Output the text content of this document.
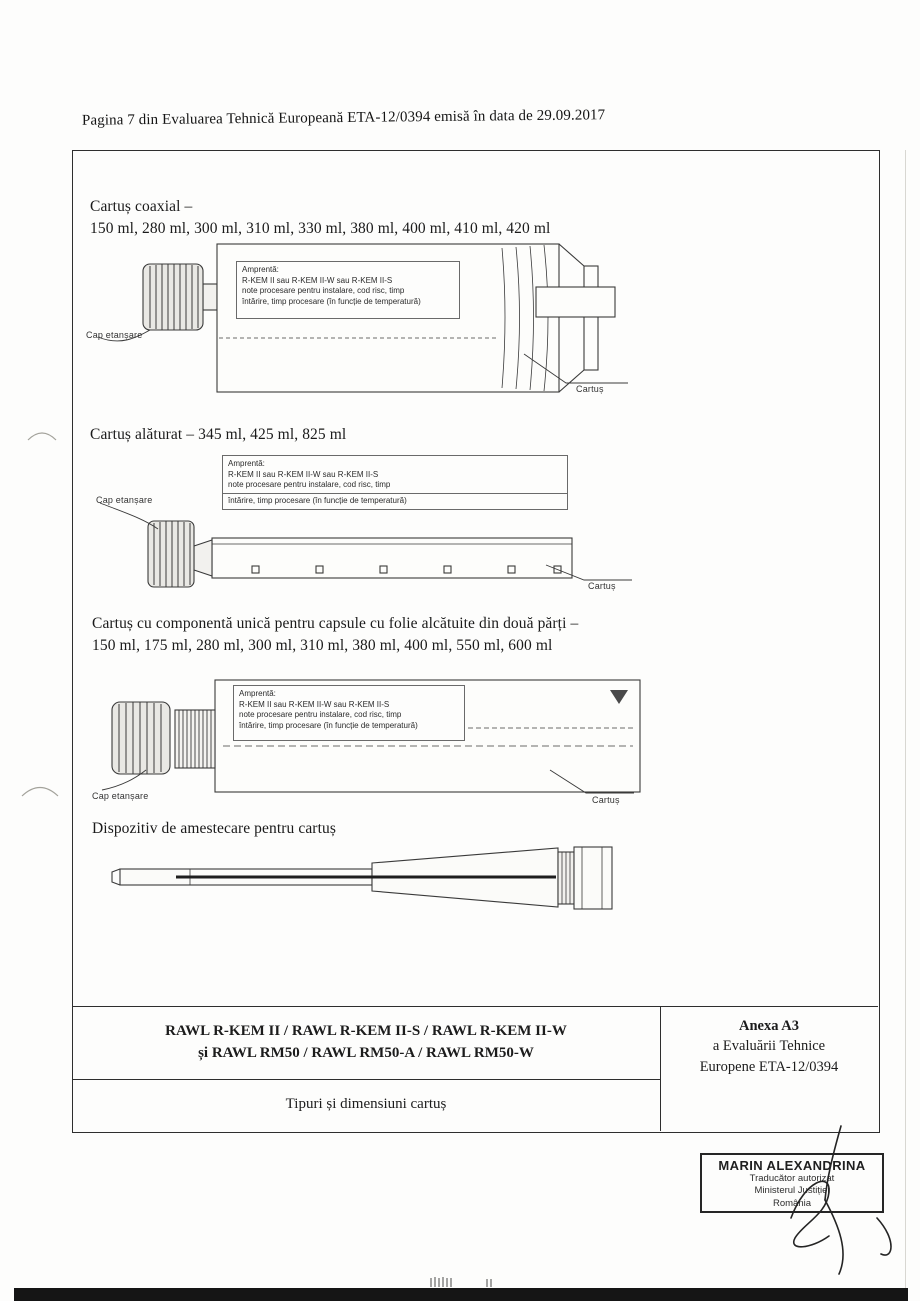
Pagina 7 din Evaluarea Tehnică Europeană ETA-12/0394 emisă în data de 29.09.2017
Cartuș coaxial –
150 ml, 280 ml, 300 ml, 310 ml, 330 ml, 380 ml, 400 ml, 410 ml, 420 ml
Amprentă:
R-KEM II sau R-KEM II-W sau R-KEM II-S
note procesare pentru instalare, cod risc, timp
întărire, timp procesare (în funcție de temperatură)
Cap etanșare
Cartuș
Cartuș alăturat – 345 ml, 425 ml, 825 ml
Amprentă:
R-KEM II sau R-KEM II-W sau R-KEM II-S
note procesare pentru instalare, cod risc, timp
întărire, timp procesare (în funcție de temperatură)
Cap etanșare
Cartuș
Cartuș cu componentă unică pentru capsule cu folie alcătuite din două părți –
150 ml, 175 ml, 280 ml, 300 ml, 310 ml, 380 ml, 400 ml, 550 ml, 600 ml
Amprentă:
R-KEM II sau R-KEM II-W sau R-KEM II-S
note procesare pentru instalare, cod risc, timp
întărire, timp procesare (în funcție de temperatură)
Cap etanșare	Cartuș
Dispozitiv de amestecare pentru cartuș
RAWL R-KEM II / RAWL R-KEM II-S / RAWL R-KEM II-W
și RAWL RM50 / RAWL RM50-A / RAWL RM50-W
Tipuri și dimensiuni cartuș
Anexa A3
a Evaluării Tehnice
Europene ETA-12/0394
MARIN ALEXANDRINA
Traducător autorizat
Ministerul Justiției
România
